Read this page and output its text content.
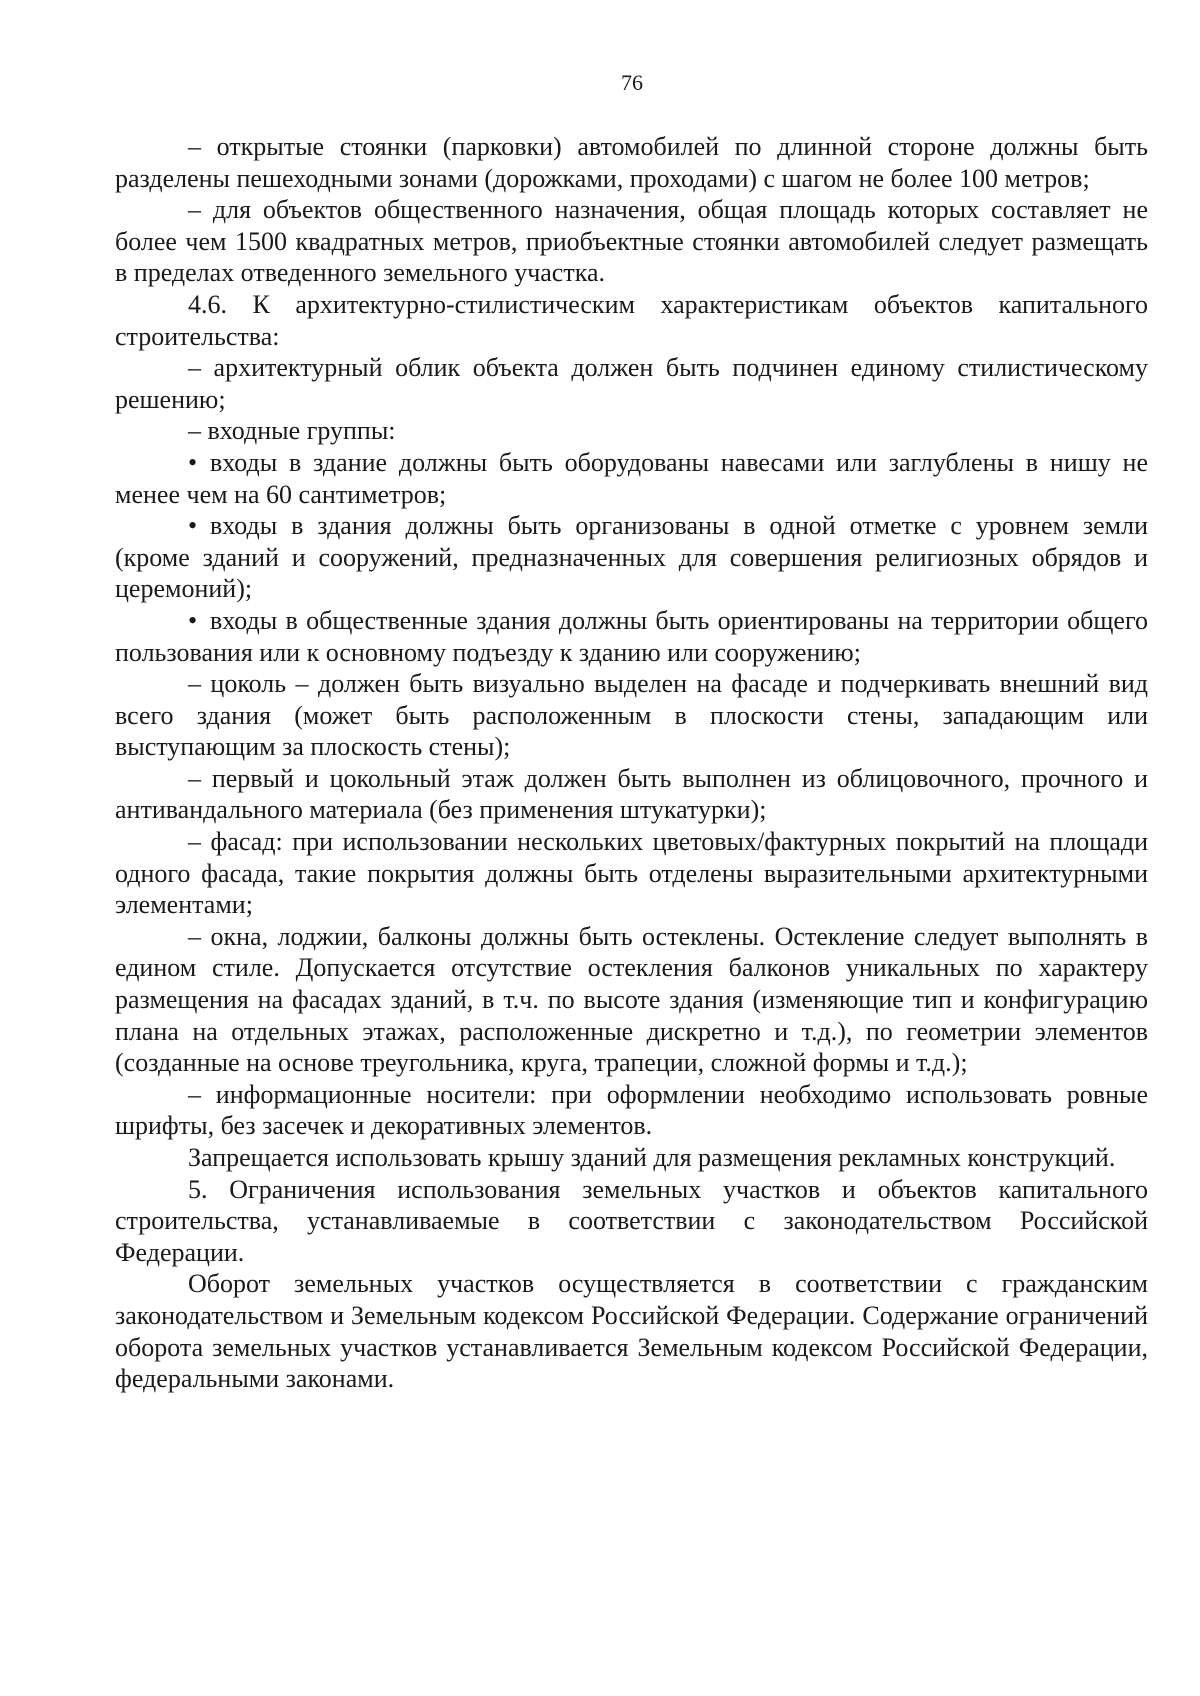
76

– открытые стоянки (парковки) автомобилей по длинной стороне должны быть разделены пешеходными зонами (дорожками, проходами) с шагом не более 100 метров;

– для объектов общественного назначения, общая площадь которых составляет не более чем 1500 квадратных метров, приобъектные стоянки автомобилей следует размещать в пределах отведенного земельного участка.

4.6. К архитектурно-стилистическим характеристикам объектов капитального строительства:

– архитектурный облик объекта должен быть подчинен единому стилистическому решению;

– входные группы:

• входы в здание должны быть оборудованы навесами или заглублены в нишу не менее чем на 60 сантиметров;

• входы в здания должны быть организованы в одной отметке с уровнем земли (кроме зданий и сооружений, предназначенных для совершения религиозных обрядов и церемоний);

• входы в общественные здания должны быть ориентированы на территории общего пользования или к основному подъезду к зданию или сооружению;

– цоколь – должен быть визуально выделен на фасаде и подчеркивать внешний вид всего здания (может быть расположенным в плоскости стены, западающим или выступающим за плоскость стены);

– первый и цокольный этаж должен быть выполнен из облицовочного, прочного и антивандального материала (без применения штукатурки);

– фасад: при использовании нескольких цветовых/фактурных покрытий на площади одного фасада, такие покрытия должны быть отделены выразительными архитектурными элементами;

– окна, лоджии, балконы должны быть остеклены. Остекление следует выполнять в едином стиле. Допускается отсутствие остекления балконов уникальных по характеру размещения на фасадах зданий, в т.ч. по высоте здания (изменяющие тип и конфигурацию плана на отдельных этажах, расположенные дискретно и т.д.), по геометрии элементов (созданные на основе треугольника, круга, трапеции, сложной формы и т.д.);

– информационные носители: при оформлении необходимо использовать ровные шрифты, без засечек и декоративных элементов.

Запрещается использовать крышу зданий для размещения рекламных конструкций.

5. Ограничения использования земельных участков и объектов капитального строительства, устанавливаемые в соответствии с законодательством Российской Федерации.

Оборот земельных участков осуществляется в соответствии с гражданским законодательством и Земельным кодексом Российской Федерации. Содержание ограничений оборота земельных участков устанавливается Земельным кодексом Российской Федерации, федеральными законами.
